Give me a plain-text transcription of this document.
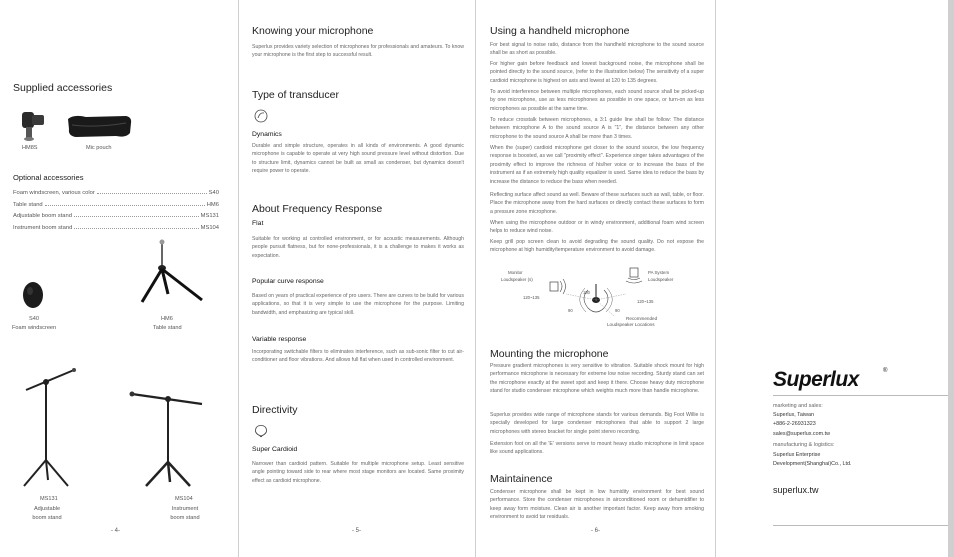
Supplied accessories
HM8S	Mic pouch
Optional accessories
Foam windscreen, various color	S40
Table stand	HM6
Adjustable boom stand	MS131
Instrument boom stand	MS104
S40
Foam windscreen
HM6
Table stand
MS131
Adjustable
boom stand
MS104
Instrument
boom stand
- 4-
Knowing your microphone

Superlux provides variety selection of microphones for professionals and amateurs. To know your microphone is the first step to successful result.

Type of transducer
Dynamics

Durable and simple structure, operates in all kinds of environments. A good dynamic microphone is capable to operate at very high sound pressure level without distortion. Due to structure limit, dynamics cannot be built as small as condenser, but dynamics doesn't require power to operate.

About Frequency Response
Flat

Suitable for working at controlled environment, or for acoustic measurements. Although people pursuit flatness, but for none-professionals, it is a challenge to makes it works as expectation.

Popular curve response

Based on years of practical experience of pro users. There are curves to be build for various applications, so that it is very simple to use the microphone for the purpose. Limiting bandwidth, and emphasizing are typical skill.

Variable response

Incorporating switchable filters to eliminates interference, such as sub-sonic filter to cut air-conditioner and floor vibrations. And allows full flat when used in controlled environment.

Directivity
Super Cardioid

Narrower than cardioid pattern. Suitable for multiple microphone setup. Least sensitive angle pointing toward side to rear where most stage monitors are located. Same proximity effect as cardioid microphone.

- 5-
Using a handheld microphone

For best signal to noise ratio, distance from the handheld microphone to the sound source shall be as short as possible.

For higher gain before feedback and lowest background noise, the microphone shall be pointed directly to the sound source, (refer to the illustration below) The sensitivity of a super cardioid microphone is highest on axis and lowest at 120 to 135 degrees.

To avoid interference between multiple microphones, each sound source shall be picked-up by one microphone, use as less microphones as possible in one space, or turn-on as less microphones as possible at the same time.

To reduce crosstalk between microphones, a 3:1 guide line shall be follow: The distance between microphone A to the sound source A is "1", the distance between any other microphone to the sound source A shall be more than 3 times.

When the (super) cardioid microphone get closer to the sound source, the low frequency response is boosted, as we call "proximity effect". Experience singer takes advantages of the proximity effect to improve the richness of his/her voice or to increase the bass of the instrument as if an extremely high quality equalizer is used. Same idea to reduce the bass by increase the distance to reduce the bass when needed.

Reflecting surface affect sound as well. Beware of these surfaces such as wall, table, or floor. Place the microphone away from the hard surfaces or directly contact these surfaces to form a pressure zone microphone.

When using the microphone outdoor or in windy environment, additional foam wind screen helps to reduce wind noise.

Keep grill pop screen clean to avoid degrading the sound quality. Do not expose the microphone at high humidity/temperature environment to avoid damage.

Monitor
Loudspeaker (s)
PA System
Loudspeaker
120~135
120~135
180
90	90
Recommended
Loudspeaker Locations
Mounting the microphone

Pressure gradient microphones is very sensitive to vibration. Suitable shock mount for high performance microphone is necessary for extreme low noise recording. Sturdy stand can set the microphone exactly at the sweet spot and keep it there. Choose heavy duty microphone stand for studio condenser microphone which weights much more than handle microphone.

Superlux provides wide range of microphone stands for various demands. Big Foot Willie is specially developed for large condenser microphones that able to support 2 large microphones with stereo bracket for single point stereo recording.

Extension foot on all the 'E' versions serve to mount heavy studio microphone in limit space like sound applications.

Maintainence

Condenser microphone shall be kept in low humidity environment for best sound performance. Store the condenser microphones in airconditioned room or dehumidifier to keep away form moisture. Clean air is another important factor. Keep away from smoking environment to avoid tar residuals.

- 6-
Superlux	®
marketing and sales:
Superlux, Taiwan
+886-2-26931323
sales@superlux.com.tw
manufacturing & logistics:
Superlux Enterprise
Development(Shanghai)Co., Ltd.
superlux.tw
